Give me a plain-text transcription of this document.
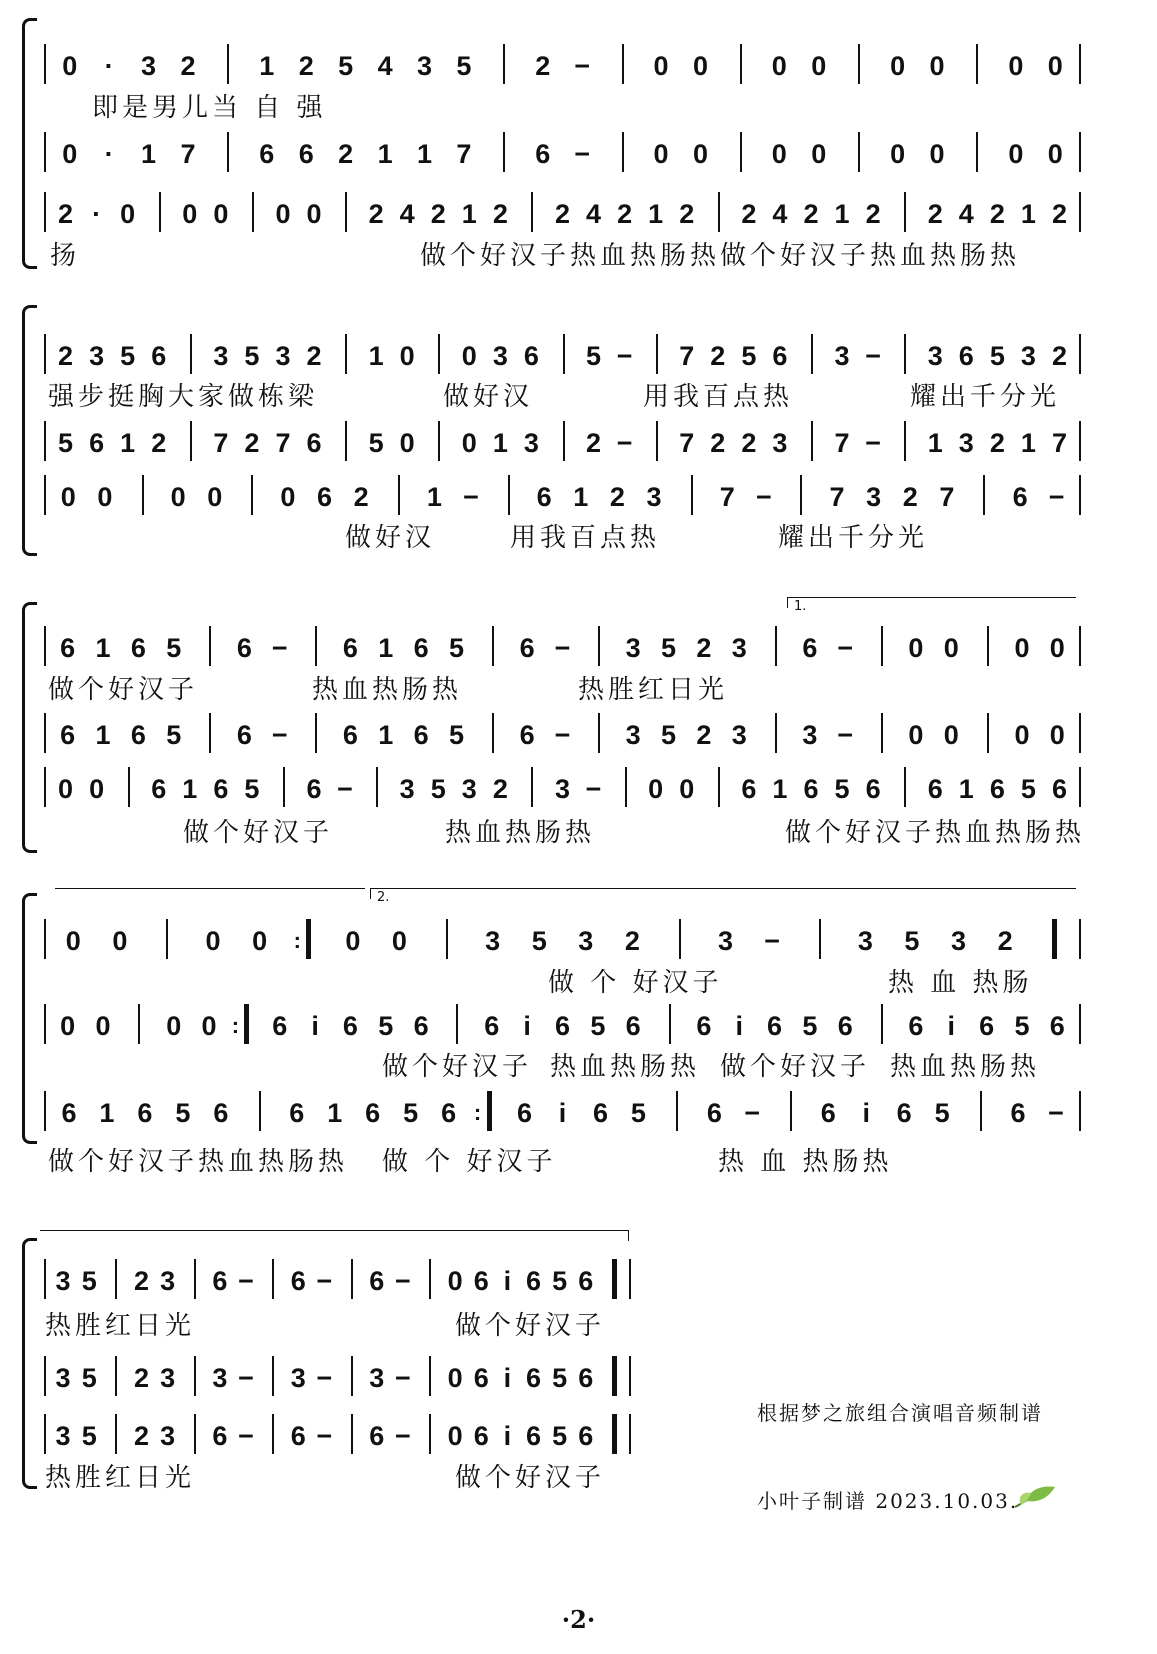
0 · 3 2 1 2 5 4 3 5 2 − 0 0 0 0 0 0 0 0
即是男儿当 自 强
0 · 1 7 6 6 2 1 1 7 6 − 0 0 0 0 0 0 0 0
2 · 0 0 0 0 0 2 4 2 1 2 2 4 2 1 2 2 4 2 1 2 2 4 2 1 2
扬	做个好汉子热血热肠热做个好汉子热血热肠热
2 3 5 6 3 5 3 2 1 0 0 3 6 5 − 7 2 5 6 3 − 3 6 5 3 2
强步挺胸大家做栋梁	做好汉	用我百点热	耀出千分光
5 6 1 2 7 2 7 6 5 0 0 1 3 2 − 7 2 2 3 7 − 1 3 2 1 7
0 0 0 0 0 6 2 1 − 6 1 2 3 7 − 7 3 2 7 6 −
做好汉	用我百点热	耀出千分光
1.
6 1 6 5 6 − 6 1 6 5 6 − 3 5 2 3 6 − 0 0 0 0
做个好汉子	热血热肠热	热胜红日光
6 1 6 5 6 − 6 1 6 5 6 − 3 5 2 3 3 − 0 0 0 0
0 0 6 1 6 5 6 − 3 5 3 2 3 − 0 0 6 1 6 5 6 6 1 6 5 6
做个好汉子	热血热肠热	做个好汉子热血热肠热
2.
0 0	0 0	: 0 0	3 5 3 2	3 −	3 5 3 2
做 个 好汉子	热 血 热肠
0 0 0 0 : 6 i 6 5 6 6 i 6 5 6 6 i 6 5 6 6 i 6 5 6
做个好汉子 热血热肠热 做个好汉子 热血热肠热
6 1 6 5 6 6 1 6 5 6 : 6 i 6 5 6 − 6 i 6 5 6 −
做个好汉子热血热肠热 做 个 好汉子	热 血 热肠热
3 5 2 3 6 − 6 − 6 − 0 6 i 6 5 6
热胜红日光	做个好汉子
3 5 2 3 3 − 3 − 3 − 0 6 i 6 5 6
3 5 2 3 6 − 6 − 6 − 0 6 i 6 5 6
热胜红日光	做个好汉子
根据梦之旅组合演唱音频制谱
小叶子制谱 2023.10.03.
·2·
